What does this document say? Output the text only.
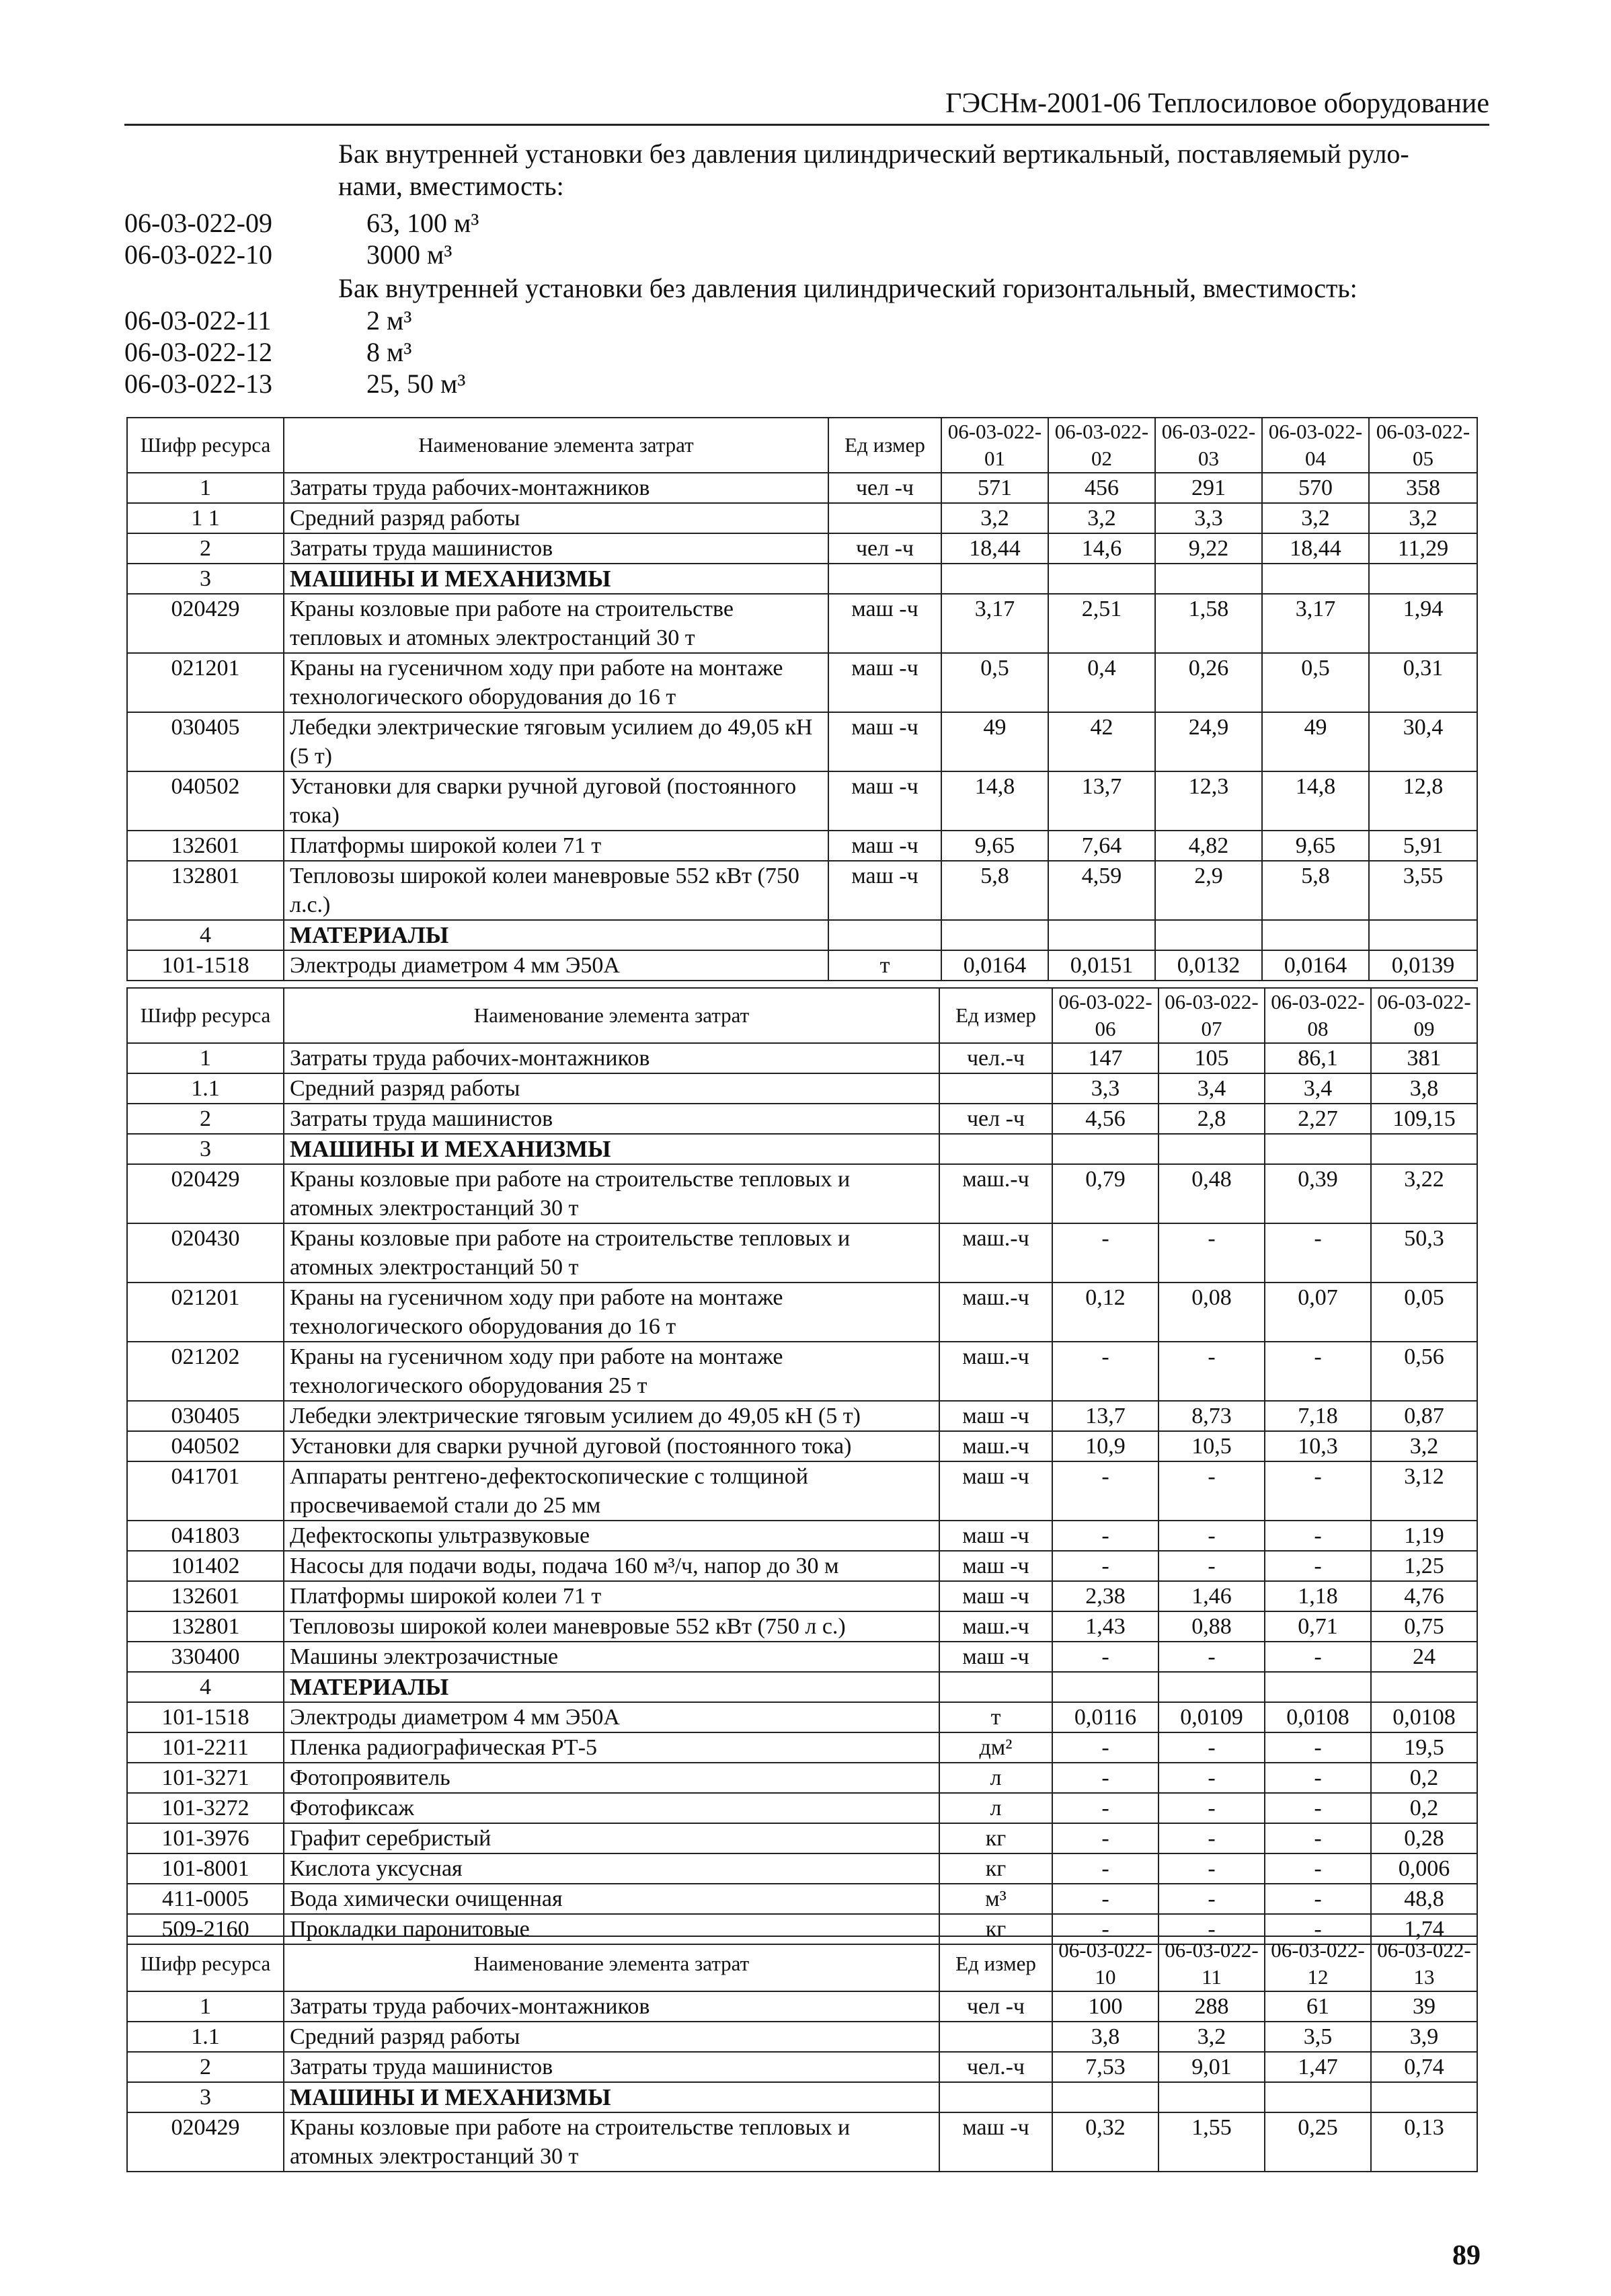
ГЭСНм-2001-06 Теплосиловое оборудование
Бак внутренней установки без давления цилиндрический вертикальный, поставляемый руло-
нами, вместимость:
06-03-022-09	63, 100 м³
06-03-022-10	3000 м³
Бак внутренней установки без давления цилиндрический горизонтальный, вместимость:
06-03-022-11	2 м³
06-03-022-12	8 м³
06-03-022-13	25, 50 м³
Шифр ресурса	Наименование элемента затрат	Ед измер	06-03-022-01	06-03-022-02	06-03-022-03	06-03-022-04	06-03-022-05
1	Затраты труда рабочих-монтажников	чел -ч	571	456	291	570	358
1 1	Средний разряд работы		3,2	3,2	3,3	3,2	3,2
2	Затраты труда машинистов	чел -ч	18,44	14,6	9,22	18,44	11,29
3	МАШИНЫ И МЕХАНИЗМЫ						
020429	Краны козловые при работе на строительстве тепловых и атомных электростанций 30 т	маш -ч	3,17	2,51	1,58	3,17	1,94
021201	Краны на гусеничном ходу при работе на монтаже технологического оборудования до 16 т	маш -ч	0,5	0,4	0,26	0,5	0,31
030405	Лебедки электрические тяговым усилием до 49,05 кН (5 т)	маш -ч	49	42	24,9	49	30,4
040502	Установки для сварки ручной дуговой (постоянного тока)	маш -ч	14,8	13,7	12,3	14,8	12,8
132601	Платформы широкой колеи 71 т	маш -ч	9,65	7,64	4,82	9,65	5,91
132801	Тепловозы широкой колеи маневровые 552 кВт (750 л.с.)	маш -ч	5,8	4,59	2,9	5,8	3,55
4	МАТЕРИАЛЫ						
101-1518	Электроды диаметром 4 мм Э50А	т	0,0164	0,0151	0,0132	0,0164	0,0139
Шифр ресурса	Наименование элемента затрат	Ед измер	06-03-022-06	06-03-022-07	06-03-022-08	06-03-022-09
1	Затраты труда рабочих-монтажников	чел.-ч	147	105	86,1	381
1.1	Средний разряд работы		3,3	3,4	3,4	3,8
2	Затраты труда машинистов	чел -ч	4,56	2,8	2,27	109,15
3	МАШИНЫ И МЕХАНИЗМЫ					
020429	Краны козловые при работе на строительстве тепловых и атомных электростанций 30 т	маш.-ч	0,79	0,48	0,39	3,22
020430	Краны козловые при работе на строительстве тепловых и атомных электростанций 50 т	маш.-ч	-	-	-	50,3
021201	Краны на гусеничном ходу при работе на монтаже технологического оборудования до 16 т	маш.-ч	0,12	0,08	0,07	0,05
021202	Краны на гусеничном ходу при работе на монтаже технологического оборудования 25 т	маш.-ч	-	-	-	0,56
030405	Лебедки электрические тяговым усилием до 49,05 кН (5 т)	маш -ч	13,7	8,73	7,18	0,87
040502	Установки для сварки ручной дуговой (постоянного тока)	маш.-ч	10,9	10,5	10,3	3,2
041701	Аппараты рентгено-дефектоскопические с толщиной просвечиваемой стали до 25 мм	маш -ч	-	-	-	3,12
041803	Дефектоскопы ультразвуковые	маш -ч	-	-	-	1,19
101402	Насосы для подачи воды, подача 160 м³/ч, напор до 30 м	маш -ч	-	-	-	1,25
132601	Платформы широкой колеи 71 т	маш -ч	2,38	1,46	1,18	4,76
132801	Тепловозы широкой колеи маневровые 552 кВт (750 л с.)	маш.-ч	1,43	0,88	0,71	0,75
330400	Машины электрозачистные	маш -ч	-	-	-	24
4	МАТЕРИАЛЫ					
101-1518	Электроды диаметром 4 мм Э50А	т	0,0116	0,0109	0,0108	0,0108
101-2211	Пленка радиографическая РТ-5	дм²	-	-	-	19,5
101-3271	Фотопроявитель	л	-	-	-	0,2
101-3272	Фотофиксаж	л	-	-	-	0,2
101-3976	Графит серебристый	кг	-	-	-	0,28
101-8001	Кислота уксусная	кг	-	-	-	0,006
411-0005	Вода химически очищенная	м³	-	-	-	48,8
509-2160	Прокладки паронитовые	кг	-	-	-	1,74
Шифр ресурса	Наименование элемента затрат	Ед измер	06-03-022-10	06-03-022-11	06-03-022-12	06-03-022-13
1	Затраты труда рабочих-монтажников	чел -ч	100	288	61	39
1.1	Средний разряд работы		3,8	3,2	3,5	3,9
2	Затраты труда машинистов	чел.-ч	7,53	9,01	1,47	0,74
3	МАШИНЫ И МЕХАНИЗМЫ					
020429	Краны козловые при работе на строительстве тепловых и атомных электростанций 30 т	маш -ч	0,32	1,55	0,25	0,13
89
